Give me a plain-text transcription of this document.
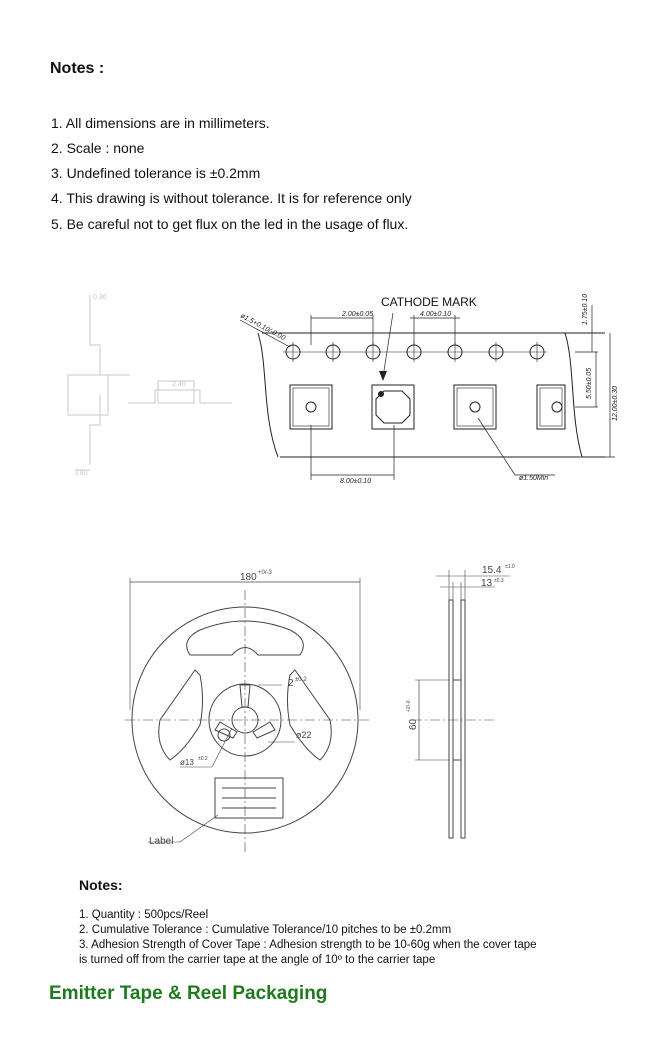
Notes :
1. All dimensions are in millimeters.
2. Scale : none
3. Undefined tolerance is ±0.2mm
4. This drawing is without tolerance. It is for reference only
5. Be careful not to get flux on the led in the usage of flux.
0.30
2.40
3.80
CATHODE MARK
2.00±0.05	4.00±0.10
8.00±0.10	ø1.50Min
ø1.5+0.10/-0.00
1.75±0.10
5.50±0.05
12.00±0.30
180 +0/-3
2 ±0.2
ø22
ø13 ±0.2
Label
15.4 ±1.0
13 ±0.3
60
+2/-0
Notes:
1. Quantity : 500pcs/Reel
2. Cumulative Tolerance : Cumulative Tolerance/10 pitches to be ±0.2mm
3. Adhesion Strength of Cover Tape : Adhesion strength to be 10-60g when the cover tape
is turned off from the carrier tape at the angle of 10º to the carrier tape
Emitter Tape & Reel Packaging
